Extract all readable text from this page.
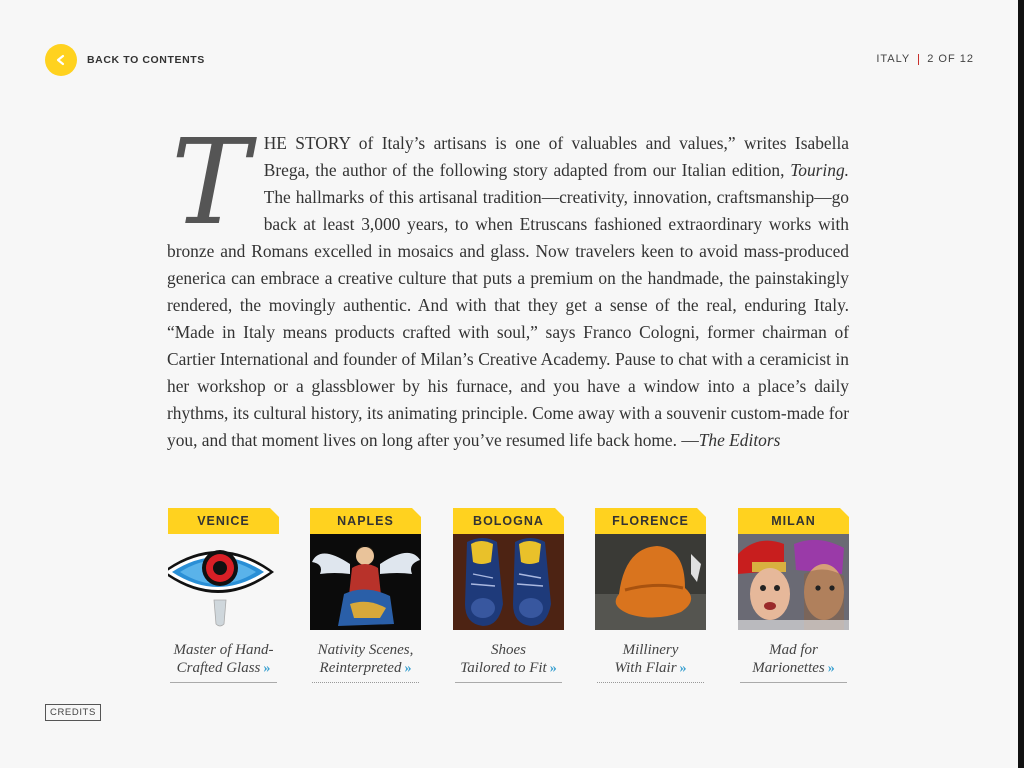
BACK TO CONTENTS	ITALY 2 OF 12
THE STORY of Italy’s artisans is one of valuables and values,” writes Isabella Brega, the author of the following story adapted from our Italian edition, Touring. The hallmarks of this artisanal tradition—creativity, innovation, craftsmanship—go back at least 3,000 years, to when Etruscans fashioned extraordinary works with bronze and Romans excelled in mosaics and glass. Now travelers keen to avoid mass-produced generica can embrace a creative culture that puts a premium on the handmade, the painstakingly rendered, the movingly authentic. And with that they get a sense of the real, enduring Italy. “Made in Italy means products crafted with soul,” says Franco Cologni, former chairman of Cartier International and founder of Milan’s Creative Academy. Pause to chat with a ceramicist in her workshop or a glassblower by his furnace, and you have a window into a place’s daily rhythms, its cultural history, its animating principle. Come away with a souvenir custom-made for you, and that moment lives on long after you’ve resumed life back home. —The Editors
VENICE
Master of Hand-
Crafted Glass »
NAPLES
Nativity Scenes,
Reinterpreted »
BOLOGNA
Shoes
Tailored to Fit »
FLORENCE
Millinery
With Flair »
MILAN
Mad for
Marionettes »
CREDITS
